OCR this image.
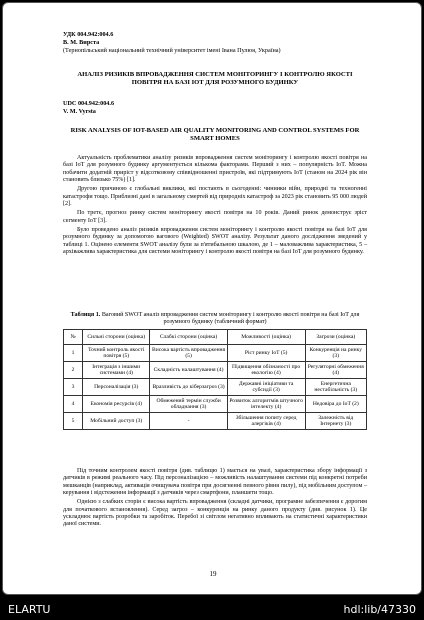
УДК 004.942:004.6
В. М. Вирста
(Тернопільський національний технічний університет імені Івана Пулюя, Україна)
АНАЛІЗ РИЗИКІВ ВПРОВАДЖЕННЯ СИСТЕМ МОНІТОРИНГУ І КОНТРОЛЮ ЯКОСТІ ПОВІТРЯ НА БАЗІ IOT ДЛЯ РОЗУМНОГО БУДИНКУ
UDC 004.942:004.6
V. M. Vyrsta
RISK ANALYSIS OF IOT-BASED AIR QUALITY MONITORING AND CONTROL SYSTEMS FOR SMART HOMES

Актуальність проблематики аналізу ризиків впровадження систем моніторингу і контролю якості повітря на базі IoT для розумного будинку аргументується кількома факторами. Перший з них – популярність IoT. Можна побачити додатній приріст у відсотковому співвідношенні пристроїв, які підтримують IoT (станом на 2024 рік він становить близько 75%) [1].

Другою причиною є глобальні виклики, які постають в сьогоденні: чинники війн, природні та техногенні катастрофи тощо. Приблизні дані в загальному смертей від природніх катастроф за 2023 рік становить 95 000 людей [2].

По третє, прогноз ринку систем моніторингу якості повітря на 10 років. Даний ринок демонструє зріст сегменту IoT [3].

Було проведено аналіз ризиків впровадження систем моніторингу і контролю якості повітря на базі IoT для розумного будинку за допомогою вагового (Weighted) SWOT аналізу. Результат даного дослідження зведений у таблиці 1. Оцінено елементи SWOT аналізу були за п'ятибальною шкалою, де 1 – маловажлива характеристика, 5 – архіважлива характеристика для системи моніторингу і контролю якості повітря на базі IoT для розумного будинку.

Таблиця 1. Ваговий SWOT аналіз впровадження систем моніторингу і контролю якості повітря на базі IoT для розумного будинку (табличний формат)
№	Сильні сторони (оцінка)	Слабкі сторони (оцінка)	Можливості (оцінка)	Загрози (оцінка)
1	Точний контроль якості повітря (5)	Висока вартість впровадження (5)	Ріст ринку IoT (5)	Конкуренція на ринку (3)
2	Інтеграція з іншими системами (4)	Складність налаштування (4)	Підвищення обізнаності про екологію (4)	Регуляторні обмеження (4)
3	Персоналізація (3)	Вразливість до кіберзагроз (3)	Державні ініціативи та субсидії (3)	Енергетична нестабільність (3)
4	Економія ресурсів (4)	Обмежений термін служби обладнання (3)	Розвиток алгоритмів штучного інтелекту (4)	Недовіра до IoT (2)
5	Мобільний доступ (3)	-	Збільшення попиту серед алергіків (4)	Залежність від Інтернету (3)

Під точним контролем якості повітря (див. таблицю 1) мається на увазі, характеристика збору інформації з датчиків в режимі реального часу. Під персоналізацією – можливість налаштування системи під конкретні потреби мешканців (наприклад, активація очищувача повітря при досягненні певного рівня пилу), під мобільним доступом – керування і відстеження інформації з датчиків через смартфони, планшети тощо.

Однією з слабких сторін є висока вартість впровадження (складні датчики, програмне забезпечення є дорогим для початкового встановлення). Серед загроз – конкуренція на ринку даного продукту (див. рисунок 1). Це ускладнює вартість розробки та заробіток. Перебої зі світлом негативно впливають на статистичні характеристики даної системи.

19
ELARTU	hdl:lib/47330
